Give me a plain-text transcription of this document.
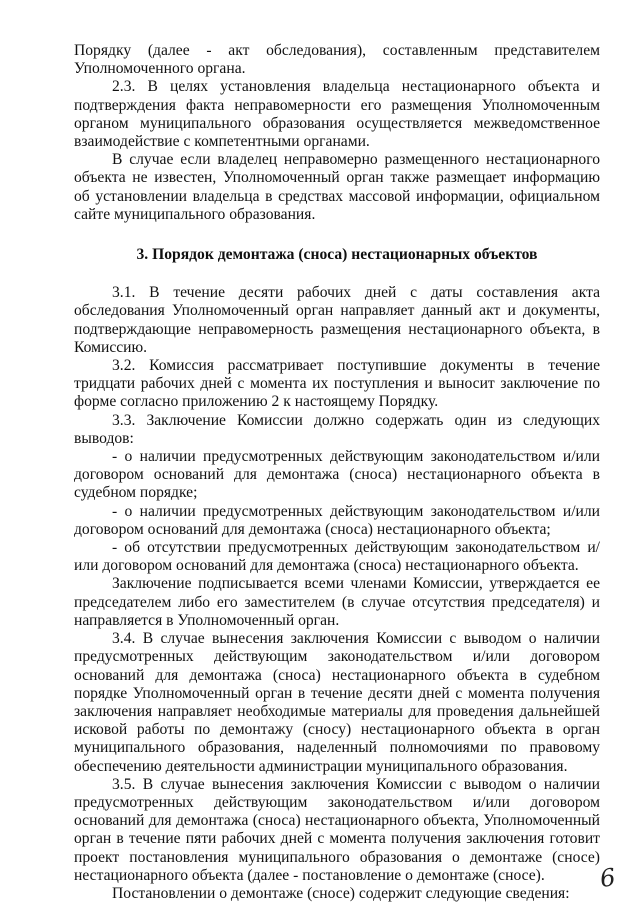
Порядку (далее - акт обследования), составленным представителем Уполномоченного органа.

2.3. В целях установления владельца нестационарного объекта и подтверждения факта неправомерности его размещения Уполномоченным органом муниципального образования осуществляется межведомственное взаимодействие с компетентными органами.

В случае если владелец неправомерно размещенного нестационарного объекта не известен, Уполномоченный орган также размещает информацию об установлении владельца в средствах массовой информации, официальном сайте муниципального образования.

3. Порядок демонтажа (сноса) нестационарных объектов

3.1. В течение десяти рабочих дней с даты составления акта обследования Уполномоченный орган направляет данный акт и документы, подтверждающие неправомерность размещения нестационарного объекта, в Комиссию.

3.2. Комиссия рассматривает поступившие документы в течение тридцати рабочих дней с момента их поступления и выносит заключение по форме согласно приложению 2 к настоящему Порядку.

3.3. Заключение Комиссии должно содержать один из следующих выводов:

- о наличии предусмотренных действующим законодательством и/или договором оснований для демонтажа (сноса) нестационарного объекта в судебном порядке;

- о наличии предусмотренных действующим законодательством и/или договором оснований для демонтажа (сноса) нестационарного объекта;

- об отсутствии предусмотренных действующим законодательством и/или договором оснований для демонтажа (сноса) нестационарного объекта.

Заключение подписывается всеми членами Комиссии, утверждается ее председателем либо его заместителем (в случае отсутствия председателя) и направляется в Уполномоченный орган.

3.4. В случае вынесения заключения Комиссии с выводом о наличии предусмотренных действующим законодательством и/или договором оснований для демонтажа (сноса) нестационарного объекта в судебном порядке Уполномоченный орган в течение десяти дней с момента получения заключения направляет необходимые материалы для проведения дальнейшей исковой работы по демонтажу (сносу) нестационарного объекта в орган муниципального образования, наделенный полномочиями по правовому обеспечению деятельности администрации муниципального образования.

3.5. В случае вынесения заключения Комиссии с выводом о наличии предусмотренных действующим законодательством и/или договором оснований для демонтажа (сноса) нестационарного объекта, Уполномоченный орган в течение пяти рабочих дней с момента получения заключения готовит проект постановления муниципального образования о демонтаже (сносе) нестационарного объекта (далее - постановление о демонтаже (сносе).

Постановлении о демонтаже (сносе) содержит следующие сведения:

6
